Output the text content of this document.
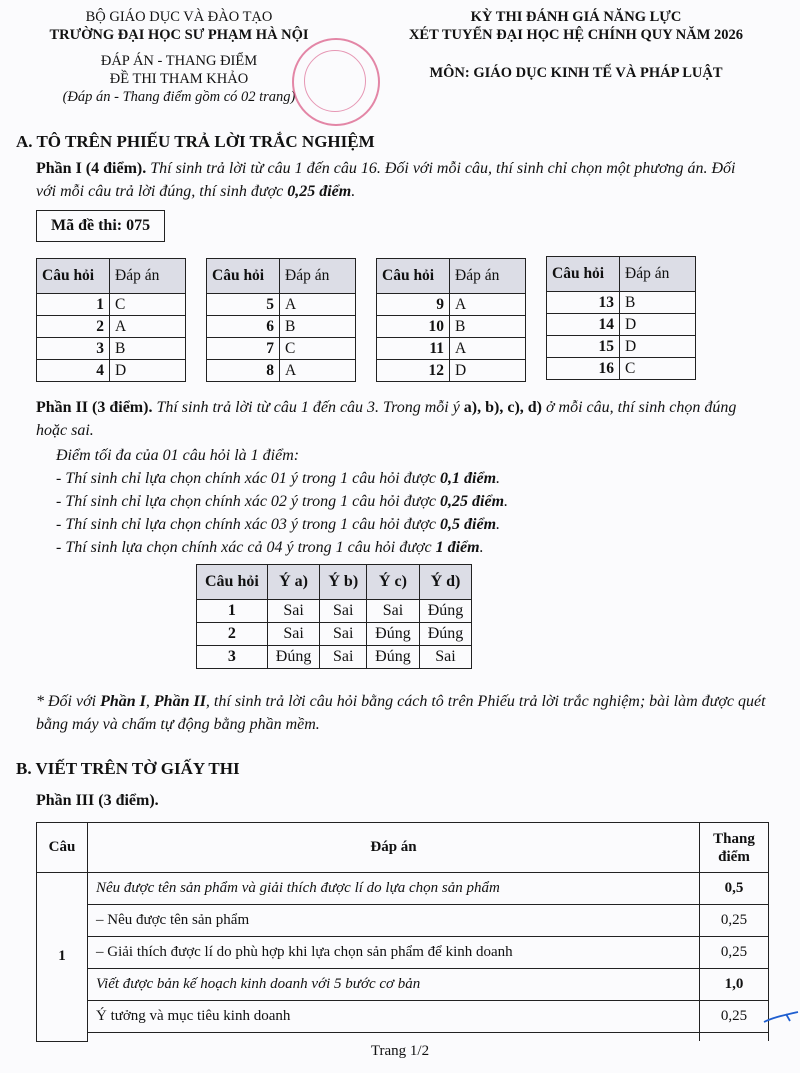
BỘ GIÁO DỤC VÀ ĐÀO TẠO
TRƯỜNG ĐẠI HỌC SƯ PHẠM HÀ NỘI
ĐÁP ÁN - THANG ĐIỂM
ĐỀ THI THAM KHẢO
(Đáp án - Thang điểm gồm có 02 trang)
KỲ THI ĐÁNH GIÁ NĂNG LỰC
XÉT TUYỂN ĐẠI HỌC HỆ CHÍNH QUY NĂM 2026
MÔN: GIÁO DỤC KINH TẾ VÀ PHÁP LUẬT
A. TÔ TRÊN PHIẾU TRẢ LỜI TRẮC NGHIỆM

Phần I (4 điểm). Thí sinh trả lời từ câu 1 đến câu 16. Đối với mỗi câu, thí sinh chỉ chọn một phương án. Đối với mỗi câu trả lời đúng, thí sinh được 0,25 điểm.

Mã đề thi: 075
Câu hỏi	Đáp án
1	C
2	A
3	B
4	D
Câu hỏi	Đáp án
5	A
6	B
7	C
8	A
Câu hỏi	Đáp án
9	A
10	B
11	A
12	D
Câu hỏi	Đáp án
13	B
14	D
15	D
16	C

Phần II (3 điểm). Thí sinh trả lời từ câu 1 đến câu 3. Trong mỗi ý a), b), c), d) ở mỗi câu, thí sinh chọn đúng hoặc sai.

Điểm tối đa của 01 câu hỏi là 1 điểm:
- Thí sinh chỉ lựa chọn chính xác 01 ý trong 1 câu hỏi được 0,1 điểm.
- Thí sinh chỉ lựa chọn chính xác 02 ý trong 1 câu hỏi được 0,25 điểm.
- Thí sinh chỉ lựa chọn chính xác 03 ý trong 1 câu hỏi được 0,5 điểm.
- Thí sinh lựa chọn chính xác cả 04 ý trong 1 câu hỏi được 1 điểm.
Câu hỏi	Ý a)	Ý b)	Ý c)	Ý d)
1	Sai	Sai	Sai	Đúng
2	Sai	Sai	Đúng	Đúng
3	Đúng	Sai	Đúng	Sai
* Đối với Phần I, Phần II, thí sinh trả lời câu hỏi bằng cách tô trên Phiếu trả lời trắc nghiệm; bài làm được quét bằng máy và chấm tự động bằng phần mềm.
B. VIẾT TRÊN TỜ GIẤY THI
Phần III (3 điểm).
Câu	Đáp án	Thang điểm
1	Nêu được tên sản phẩm và giải thích được lí do lựa chọn sản phẩm	0,5
	– Nêu được tên sản phẩm	0,25
	– Giải thích được lí do phù hợp khi lựa chọn sản phẩm để kinh doanh	0,25
	Viết được bản kế hoạch kinh doanh với 5 bước cơ bản	1,0
	Ý tưởng và mục tiêu kinh doanh	0,25

Trang 1/2
